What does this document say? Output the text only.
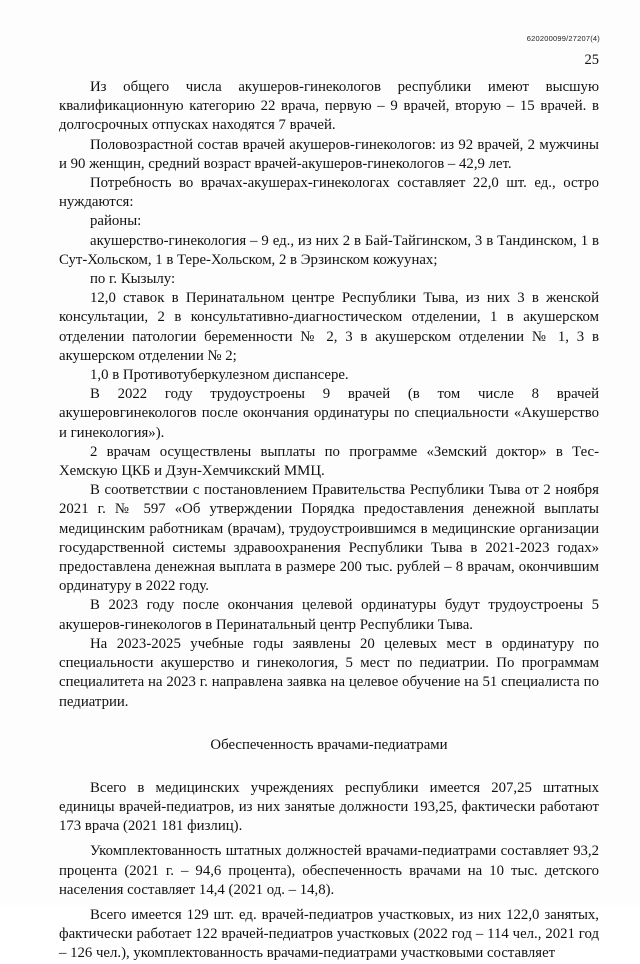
620200099/27207(4)
25

Из общего числа акушеров-гинекологов республики имеют высшую квалификационную категорию 22 врача, первую – 9 врачей, вторую – 15 врачей. в долгосрочных отпусках находятся 7 врачей.

Половозрастной состав врачей акушеров-гинекологов: из 92 врачей, 2 мужчины и 90 женщин, средний возраст врачей-акушеров-гинекологов – 42,9 лет.

Потребность во врачах-акушерах-гинекологах составляет 22,0 шт. ед., остро нуждаются:

районы:

акушерство-гинекология – 9 ед., из них 2 в Бай-Тайгинском, 3 в Тандинском, 1 в Сут-Хольском, 1 в Тере-Хольском, 2 в Эрзинском кожуунах;

по г. Кызылу:

12,0 ставок в Перинатальном центре Республики Тыва, из них 3 в женской консультации, 2 в консультативно-диагностическом отделении, 1 в акушерском отделении патологии беременности № 2, 3 в акушерском отделении № 1, 3 в акушерском отделении № 2;

1,0 в Противотуберкулезном диспансере.

В 2022 году трудоустроены 9 врачей (в том числе 8 врачей акушеровгинекологов после окончания ординатуры по специальности «Акушерство и гинекология»).

2 врачам осуществлены выплаты по программе «Земский доктор» в Тес-Хемскую ЦКБ и Дзун-Хемчикский ММЦ.

В соответствии с постановлением Правительства Республики Тыва от 2 ноября 2021 г. № 597 «Об утверждении Порядка предоставления денежной выплаты медицинским работникам (врачам), трудоустроившимся в медицинские организации государственной системы здравоохранения Республики Тыва в 2021-2023 годах» предоставлена денежная выплата в размере 200 тыс. рублей – 8 врачам, окончившим ординатуру в 2022 году.

В 2023 году после окончания целевой ординатуры будут трудоустроены 5 акушеров-гинекологов в Перинатальный центр Республики Тыва.

На 2023-2025 учебные годы заявлены 20 целевых мест в ординатуру по специальности акушерство и гинекология, 5 мест по педиатрии. По программам специалитета на 2023 г. направлена заявка на целевое обучение на 51 специалиста по педиатрии.

Обеспеченность врачами-педиатрами

Всего в медицинских учреждениях республики имеется 207,25 штатных единицы врачей-педиатров, из них занятые должности 193,25, фактически работают 173 врача (2021 181 физлиц).

Укомплектованность штатных должностей врачами-педиатрами составляет 93,2 процента (2021 г. – 94,6 процента), обеспеченность врачами на 10 тыс. детского населения составляет 14,4 (2021 од. – 14,8).

Всего имеется 129 шт. ед. врачей-педиатров участковых, из них 122,0 занятых, фактически работает 122 врачей-педиатров участковых (2022 год – 114 чел., 2021 год – 126 чел.), укомплектованность врачами-педиатрами участковыми составляет
